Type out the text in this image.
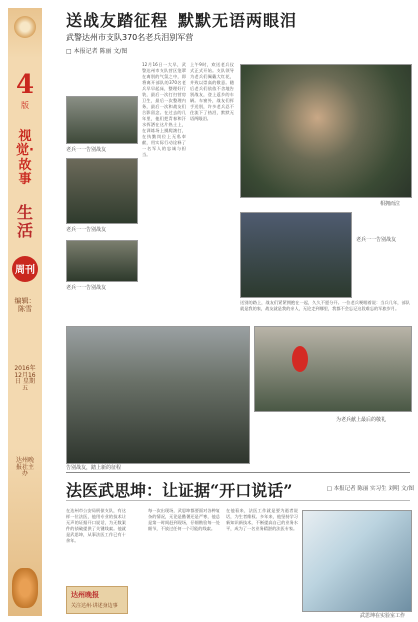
4
版
视觉·故事
生活
周刊
编辑：陈雪
2016年12月16日 星期五
达州晚报社主办
送战友踏征程 默默无语两眼泪
武警达州市支队370名老兵泪别军营
□ 本报记者 陈丽 文/图
老兵一一告别战友
老兵一一告别战友
老兵一一告别战友
12月16日一大早，武警达州市支队营区笼罩在离别的气氛之中，即将离开部队的370名老兵早早起床，整理好行装，最后一次打扫营房卫生，最后一次整理内务，最后一次和战友们合影留念。在过去的几年里，他们把青春和汗水挥洒在这片热土上，在训练场上摸爬滚打，在执勤岗位上无私奉献，用实际行动诠释了一名军人的忠诚与担当。
上午9时，欢送老兵仪式正式开始。支队领导为老兵们佩戴大红花，并致以崇高的敬意。随后老兵们依依不舍地告别战友，登上返乡的车辆。车窗外，战友们挥手送别，许多老兵忍不住流下了热泪，默默无语两眼泪。
相拥而泣
老兵一一告别战友
送别的路上，战友们紧紧拥抱在一起，久久不愿分开。一位老兵哽咽着说：当兵几年，部队就是我的家，战友就是我的亲人，无论走到哪里，我都不会忘记这段难忘的军旅岁月。
告别战友，踏上新的征程
为老兵献上最后的敬礼
法医武思坤：让证据“开口说话”	□ 本报记者 陈丽 实习生 刘明 文/图
在达州市公安局刑侦支队，有这样一位法医，他用专业的技术让无声的证据开口说话，为无数案件的侦破提供了关键线索。他就是武思坤，从事法医工作已有十余年。
每一次出现场，武思坤都要面对各种复杂的情况，无论是酷暑还是严寒，他总是第一时间赶到现场，仔细勘验每一处细节，不放过任何一个可能的线索。
在他看来，法医工作就是要为逝者说话，为生者维权。多年来，他坚持学习新知识新技术，不断提高自己的业务水平，成为了一名业务精湛的法医专家。
武思坤在实验室工作
达州晚报
关注达州·讲述身边事
